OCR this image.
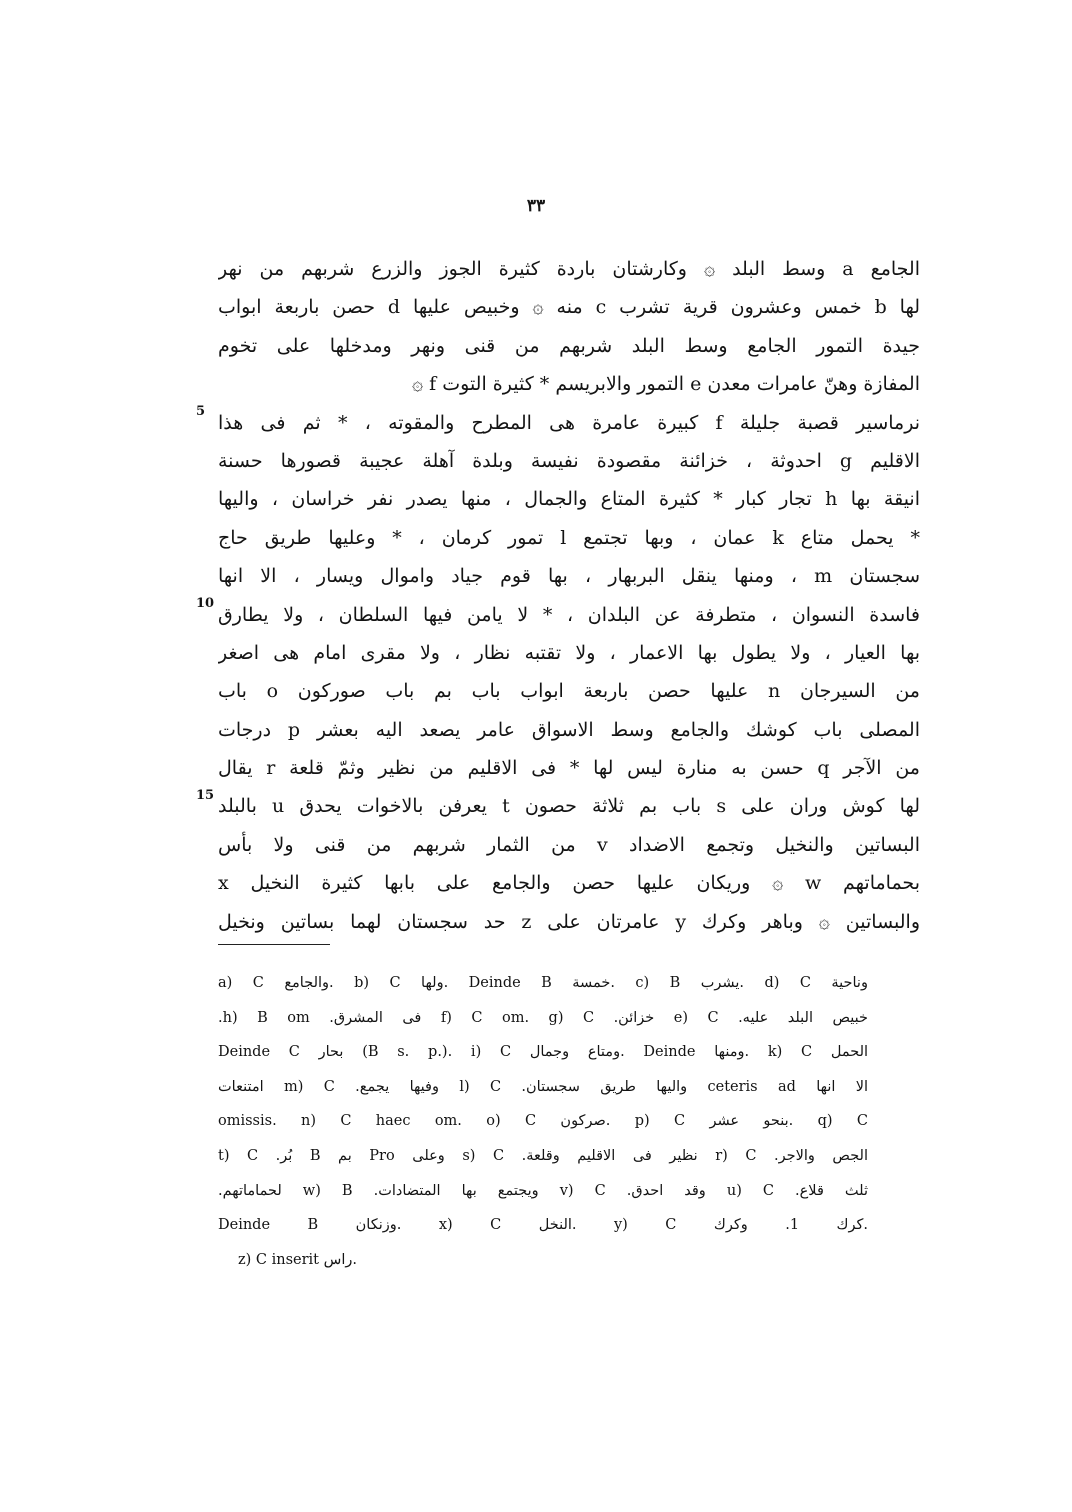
٣٣
الجامع a وسط البلد ۞ وكارشتان باردة كثيرة الجوز والزرع شربهم من نهر
لها b خمس وعشرون قرية تشرب c منه ۞ وخبيص عليها d حصن باربعة ابواب
جيدة التمور الجامع وسط البلد شربهم من قنى ونهر ومدخلها على تخوم
المفازة وهنّ عامرات معدن e التمور والابريسم * كثيرة التوت f ۞
نرماسير قصبة جليلة f كبيرة عامرة هى المطرح والمقوته ، * ثم فى هذا
الاقليم g احدوثة ، خزائنة مقصودة نفيسة وبلدة آهلة عجيبة قصورها حسنة
انيقة بها h تجار كبار * كثيرة المتاع والجمال ، منها يصدر نفر خراسان ، واليها
* يحمل متاع k عمان ، وبها تجتمع l تمور كرمان ، * وعليها طريق حاج
سجستان m ، ومنها ينقل البربهار ، بها قوم جياد واموال ويسار ، الا انها
فاسدة النسوان ، متطرفة عن البلدان ، * لا يامن فيها السلطان ، ولا يطارق
بها العيار ، ولا يطول بها الاعمار ، ولا تقتبه نظار ، ولا مقرى امام هى اصغر
من السيرجان n عليها حصن باربعة ابواب باب بم باب صوركون o باب
المصلى باب كوشك والجامع وسط الاسواق عامر يصعد اليه بعشر p درجات
من الآجر q حسن به منارة ليس لها * فى الاقليم من نظير وثمّ قلعة r يقال
لها كوش وران على s باب بم ثلاثة حصون t يعرفن بالاخوات يحدق u بالبلد
البساتين والنخيل وتجمع الاضداد v من الثمار شربهم من قنى ولا بأس
بحماماتهم w ۞ وريكان عليها حصن والجامع على بابها كثيرة النخيل x
والبساتين ۞ وباهر وكرك y عامرتان على z حد سجستان لهما بساتين ونخيل
5
10
15
a) C والجامع. b) C ولها. Deinde B خمسة. c) B يشرب. d) C وناحية
خبيص البلد عليه. e) C خزائن. f) C om. g) C فى المشرق. h) B om.
Deinde C بحار (B s. p.). i) C ومتاع وجمال. Deinde ومنها. k) C الحمل
الا انها ceteris ad واليها طريق سجستان. l) C وفيها يجمع. m) C امتنعات
omissis. n) C haec om. o) C صركون. p) C بنحو عشر. q) C
الجص والاجر. r) C نظير فى الاقليم وقلعة. s) C وعلى Pro بم B بُر. t) C
ثلث قلاع. u) C وقد احدق. v) C ويجتمع بها المتضادات. w) B لحماماتهم.
Deinde B وزنكان. x) C النخل. y) C كرك 1. وكرك.
z) C inserit راس.
